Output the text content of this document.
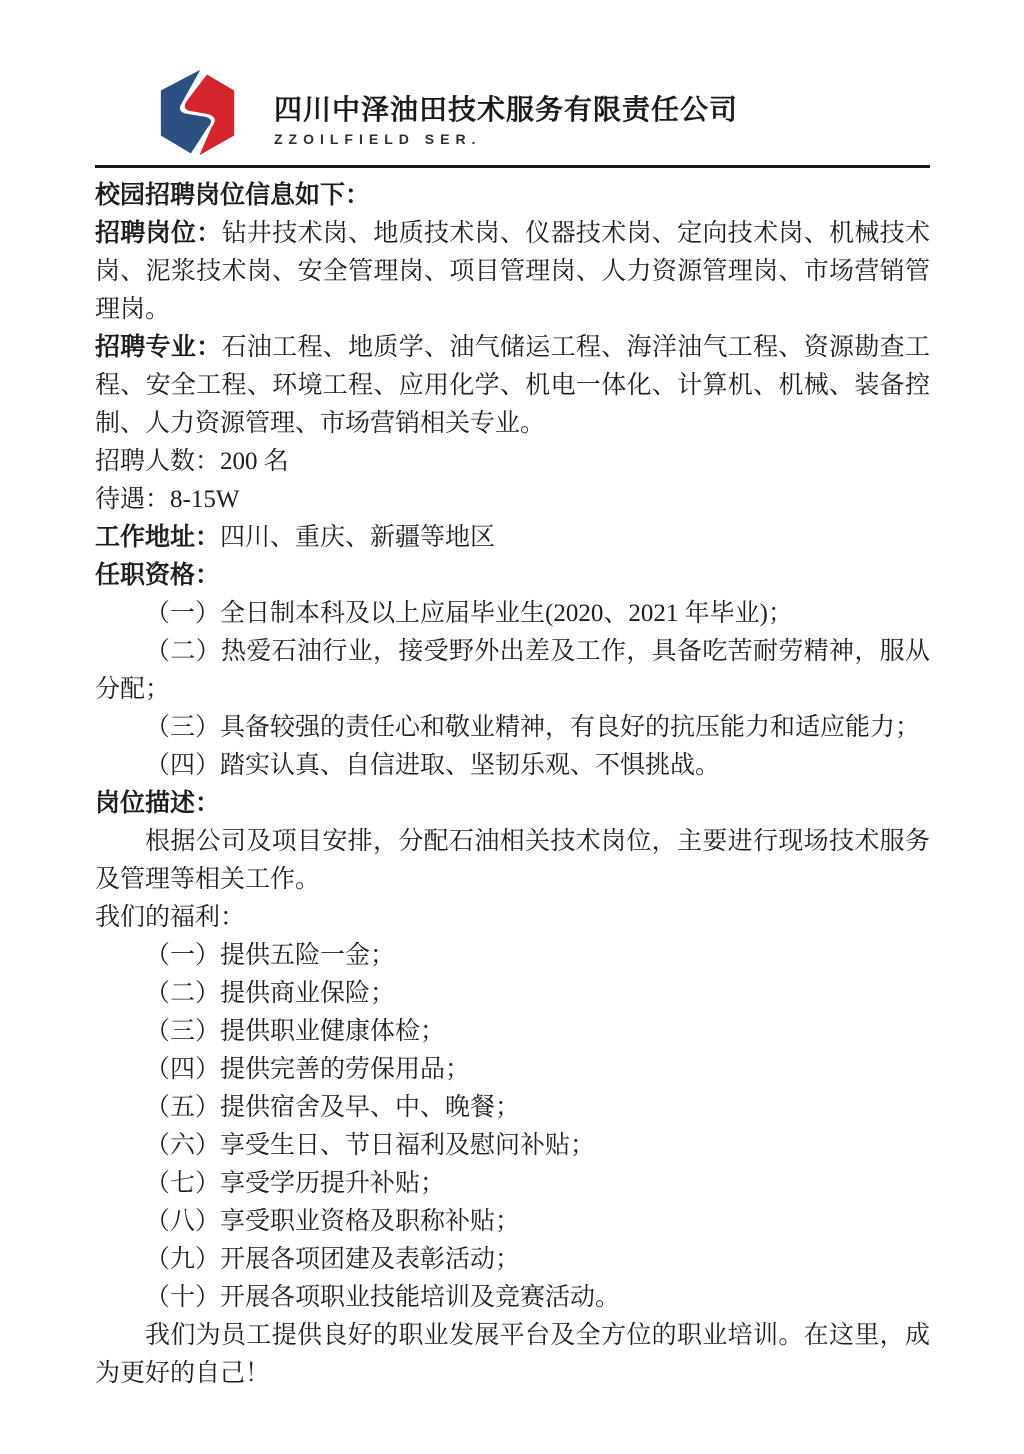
四川中泽油田技术服务有限责任公司
ZZOILFIELD SER.

校园招聘岗位信息如下：

招聘岗位：钻井技术岗、地质技术岗、仪器技术岗、定向技术岗、机械技术岗、泥浆技术岗、安全管理岗、项目管理岗、人力资源管理岗、市场营销管理岗。

招聘专业：石油工程、地质学、油气储运工程、海洋油气工程、资源勘查工程、安全工程、环境工程、应用化学、机电一体化、计算机、机械、装备控制、人力资源管理、市场营销相关专业。

招聘人数：200 名

待遇：8-15W

工作地址：四川、重庆、新疆等地区

任职资格：

（一）全日制本科及以上应届毕业生(2020、2021 年毕业)；

（二）热爱石油行业，接受野外出差及工作，具备吃苦耐劳精神，服从分配；

（三）具备较强的责任心和敬业精神，有良好的抗压能力和适应能力；

（四）踏实认真、自信进取、坚韧乐观、不惧挑战。

岗位描述：

根据公司及项目安排，分配石油相关技术岗位，主要进行现场技术服务及管理等相关工作。

我们的福利：

（一）提供五险一金；

（二）提供商业保险；

（三）提供职业健康体检；

（四）提供完善的劳保用品；

（五）提供宿舍及早、中、晚餐；

（六）享受生日、节日福利及慰问补贴；

（七）享受学历提升补贴；

（八）享受职业资格及职称补贴；

（九）开展各项团建及表彰活动；

（十）开展各项职业技能培训及竞赛活动。

我们为员工提供良好的职业发展平台及全方位的职业培训。在这里，成为更好的自己！
